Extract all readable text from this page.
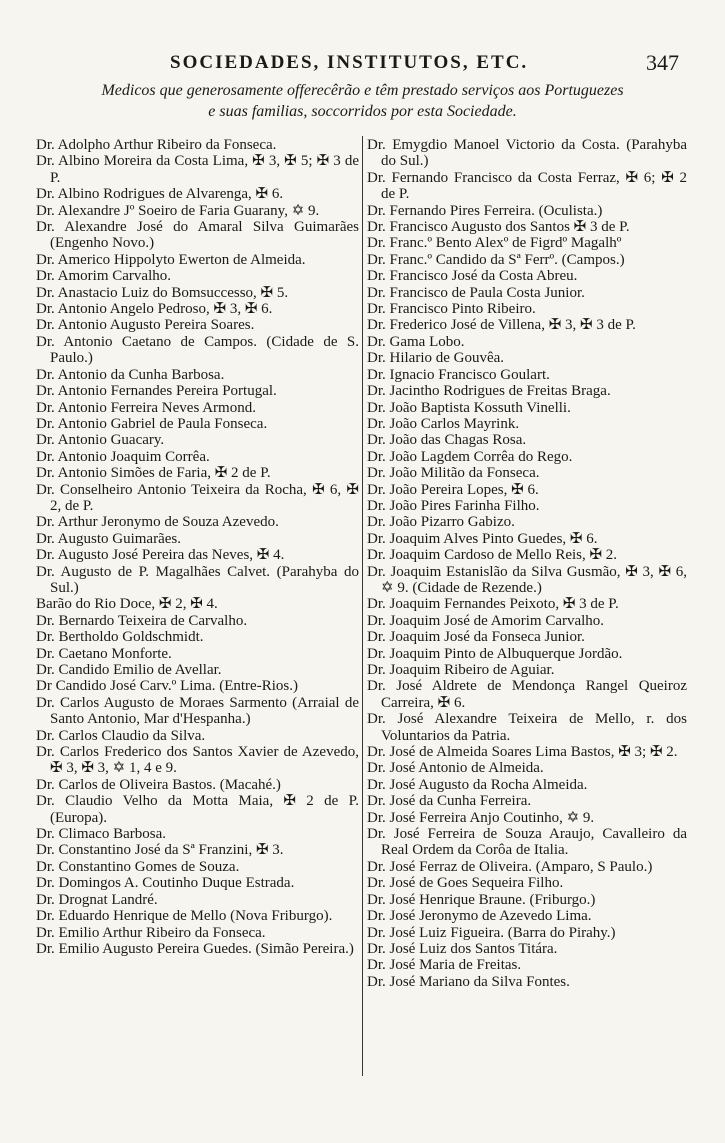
SOCIEDADES, INSTITUTOS, ETC.	347
Medicos que generosamente offerecêrão e têm prestado serviços aos Portuguezes
e suas familias, soccorridos por esta Sociedade.
Dr. Adolpho Arthur Ribeiro da Fonseca.
Dr. Albino Moreira da Costa Lima, ✠ 3, ✠ 5; ✠ 3 de P.
Dr. Albino Rodrigues de Alvarenga, ✠ 6.
Dr. Alexandre Jº Soeiro de Faria Guarany, ✡ 9.
Dr. Alexandre José do Amaral Silva Guimarães (Engenho Novo.)
Dr. Americo Hippolyto Ewerton de Almeida.
Dr. Amorim Carvalho.
Dr. Anastacio Luiz do Bomsuccesso, ✠ 5.
Dr. Antonio Angelo Pedroso, ✠ 3, ✠ 6.
Dr. Antonio Augusto Pereira Soares.
Dr. Antonio Caetano de Campos. (Cidade de S. Paulo.)
Dr. Antonio da Cunha Barbosa.
Dr. Antonio Fernandes Pereira Portugal.
Dr. Antonio Ferreira Neves Armond.
Dr. Antonio Gabriel de Paula Fonseca.
Dr. Antonio Guacary.
Dr. Antonio Joaquim Corrêa.
Dr. Antonio Simões de Faria, ✠ 2 de P.
Dr. Conselheiro Antonio Teixeira da Rocha, ✠ 6, ✠ 2, de P.
Dr. Arthur Jeronymo de Souza Azevedo.
Dr. Augusto Guimarães.
Dr. Augusto José Pereira das Neves, ✠ 4.
Dr. Augusto de P. Magalhães Calvet. (Parahyba do Sul.)
Barão do Rio Doce, ✠ 2, ✠ 4.
Dr. Bernardo Teixeira de Carvalho.
Dr. Bertholdo Goldschmidt.
Dr. Caetano Monforte.
Dr. Candido Emilio de Avellar.
Dr Candido José Carv.º Lima. (Entre-Rios.)
Dr. Carlos Augusto de Moraes Sarmento (Arraial de Santo Antonio, Mar d'Hespanha.)
Dr. Carlos Claudio da Silva.
Dr. Carlos Frederico dos Santos Xavier de Azevedo, ✠ 3, ✠ 3, ✡ 1, 4 e 9.
Dr. Carlos de Oliveira Bastos. (Macahé.)
Dr. Claudio Velho da Motta Maia, ✠ 2 de P. (Europa).
Dr. Climaco Barbosa.
Dr. Constantino José da Sª Franzini, ✠ 3.
Dr. Constantino Gomes de Souza.
Dr. Domingos A. Coutinho Duque Estrada.
Dr. Drognat Landré.
Dr. Eduardo Henrique de Mello (Nova Friburgo).
Dr. Emilio Arthur Ribeiro da Fonseca.
Dr. Emilio Augusto Pereira Guedes. (Simão Pereira.)
Dr. Emygdio Manoel Victorio da Costa. (Parahyba do Sul.)
Dr. Fernando Francisco da Costa Ferraz, ✠ 6; ✠ 2 de P.
Dr. Fernando Pires Ferreira. (Oculista.)
Dr. Francisco Augusto dos Santos ✠ 3 de P.
Dr. Franc.º Bento Alexº de Figrdº Magalhº
Dr. Franc.º Candido da Sª Ferrº. (Campos.)
Dr. Francisco José da Costa Abreu.
Dr. Francisco de Paula Costa Junior.
Dr. Francisco Pinto Ribeiro.
Dr. Frederico José de Villena, ✠ 3, ✠ 3 de P.
Dr. Gama Lobo.
Dr. Hilario de Gouvêa.
Dr. Ignacio Francisco Goulart.
Dr. Jacintho Rodrigues de Freitas Braga.
Dr. João Baptista Kossuth Vinelli.
Dr. João Carlos Mayrink.
Dr. João das Chagas Rosa.
Dr. João Lagdem Corrêa do Rego.
Dr. João Militão da Fonseca.
Dr. João Pereira Lopes, ✠ 6.
Dr. João Pires Farinha Filho.
Dr. João Pizarro Gabizo.
Dr. Joaquim Alves Pinto Guedes, ✠ 6.
Dr. Joaquim Cardoso de Mello Reis, ✠ 2.
Dr. Joaquim Estanislão da Silva Gusmão, ✠ 3, ✠ 6, ✡ 9. (Cidade de Rezende.)
Dr. Joaquim Fernandes Peixoto, ✠ 3 de P.
Dr. Joaquim José de Amorim Carvalho.
Dr. Joaquim José da Fonseca Junior.
Dr. Joaquim Pinto de Albuquerque Jordão.
Dr. Joaquim Ribeiro de Aguiar.
Dr. José Aldrete de Mendonça Rangel Queiroz Carreira, ✠ 6.
Dr. José Alexandre Teixeira de Mello, r. dos Voluntarios da Patria.
Dr. José de Almeida Soares Lima Bastos, ✠ 3; ✠ 2.
Dr. José Antonio de Almeida.
Dr. José Augusto da Rocha Almeida.
Dr. José da Cunha Ferreira.
Dr. José Ferreira Anjo Coutinho, ✡ 9.
Dr. José Ferreira de Souza Araujo, Cavalleiro da Real Ordem da Corôa de Italia.
Dr. José Ferraz de Oliveira. (Amparo, S Paulo.)
Dr. José de Goes Sequeira Filho.
Dr. José Henrique Braune. (Friburgo.)
Dr. José Jeronymo de Azevedo Lima.
Dr. José Luiz Figueira. (Barra do Pirahy.)
Dr. José Luiz dos Santos Titára.
Dr. José Maria de Freitas.
Dr. José Mariano da Silva Fontes.
